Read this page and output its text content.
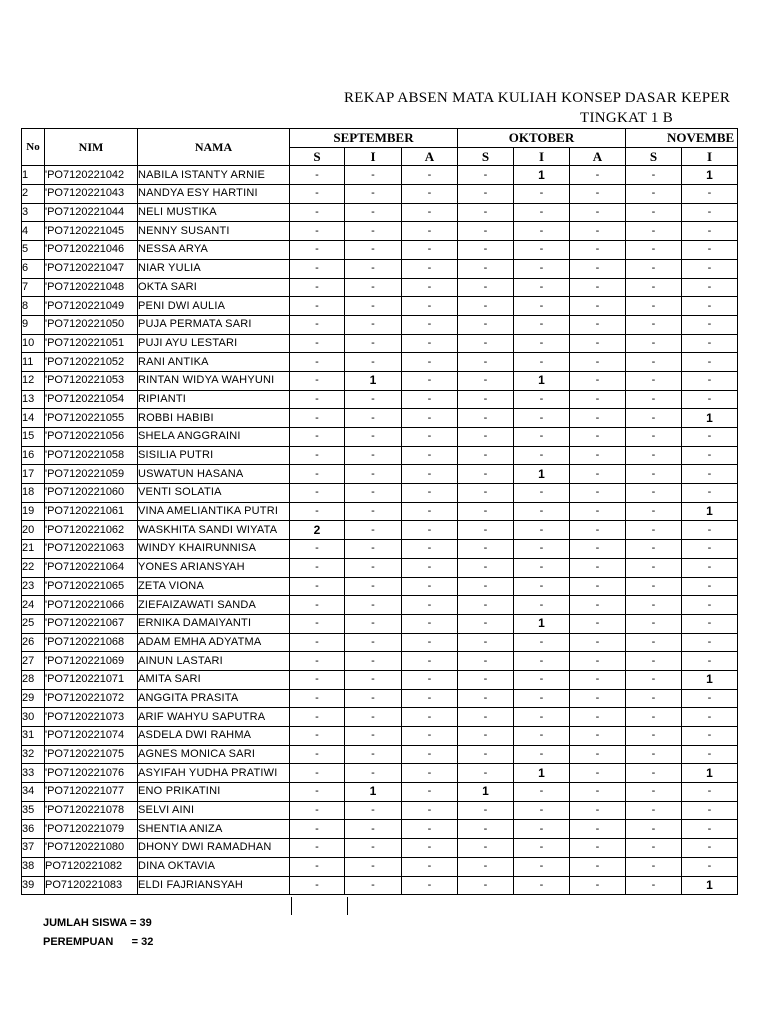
REKAP ABSEN MATA KULIAH KONSEP DASAR KEPER
TINGKAT 1 B
No	NIM	NAMA	SEPTEMBER			OKTOBER			NOVEMBE	
			S	I	A	S	I	A	S	I
1	'PO7120221042	NABILA ISTANTY ARNIE	-	-	-	-	1	-	-	1
2	'PO7120221043	NANDYA ESY HARTINI	-	-	-	-	-	-	-	-
3	'PO7120221044	NELI MUSTIKA	-	-	-	-	-	-	-	-
4	'PO7120221045	NENNY SUSANTI	-	-	-	-	-	-	-	-
5	'PO7120221046	NESSA ARYA	-	-	-	-	-	-	-	-
6	'PO7120221047	NIAR YULIA	-	-	-	-	-	-	-	-
7	'PO7120221048	OKTA SARI	-	-	-	-	-	-	-	-
8	'PO7120221049	PENI DWI AULIA	-	-	-	-	-	-	-	-
9	'PO7120221050	PUJA PERMATA SARI	-	-	-	-	-	-	-	-
10	'PO7120221051	PUJI AYU LESTARI	-	-	-	-	-	-	-	-
11	'PO7120221052	RANI ANTIKA	-	-	-	-	-	-	-	-
12	'PO7120221053	RINTAN WIDYA WAHYUNI	-	1	-	-	1	-	-	-
13	'PO7120221054	RIPIANTI	-	-	-	-	-	-	-	-
14	'PO7120221055	ROBBI HABIBI	-	-	-	-	-	-	-	1
15	'PO7120221056	SHELA ANGGRAINI	-	-	-	-	-	-	-	-
16	'PO7120221058	SISILIA PUTRI	-	-	-	-	-	-	-	-
17	'PO7120221059	USWATUN HASANA	-	-	-	-	1	-	-	-
18	'PO7120221060	VENTI SOLATIA	-	-	-	-	-	-	-	-
19	'PO7120221061	VINA AMELIANTIKA PUTRI	-	-	-	-	-	-	-	1
20	'PO7120221062	WASKHITA SANDI WIYATA	2	-	-	-	-	-	-	-
21	'PO7120221063	WINDY KHAIRUNNISA	-	-	-	-	-	-	-	-
22	'PO7120221064	YONES ARIANSYAH	-	-	-	-	-	-	-	-
23	'PO7120221065	ZETA VIONA	-	-	-	-	-	-	-	-
24	'PO7120221066	ZIEFAIZAWATI SANDA	-	-	-	-	-	-	-	-
25	'PO7120221067	ERNIKA DAMAIYANTI	-	-	-	-	1	-	-	-
26	'PO7120221068	ADAM EMHA ADYATMA	-	-	-	-	-	-	-	-
27	'PO7120221069	AINUN LASTARI	-	-	-	-	-	-	-	-
28	'PO7120221071	AMITA SARI	-	-	-	-	-	-	-	1
29	'PO7120221072	ANGGITA PRASITA	-	-	-	-	-	-	-	-
30	'PO7120221073	ARIF WAHYU SAPUTRA	-	-	-	-	-	-	-	-
31	'PO7120221074	ASDELA DWI RAHMA	-	-	-	-	-	-	-	-
32	'PO7120221075	AGNES MONICA SARI	-	-	-	-	-	-	-	-
33	'PO7120221076	ASYIFAH YUDHA PRATIWI	-	-	-	-	1	-	-	1
34	'PO7120221077	ENO PRIKATINI	-	1	-	1	-	-	-	-
35	'PO7120221078	SELVI AINI	-	-	-	-	-	-	-	-
36	'PO7120221079	SHENTIA ANIZA	-	-	-	-	-	-	-	-
37	'PO7120221080	DHONY DWI RAMADHAN	-	-	-	-	-	-	-	-
38	PO7120221082	DINA OKTAVIA	-	-	-	-	-	-	-	-
39	PO7120221083	ELDI FAJRIANSYAH	-	-	-	-	-	-	-	1
JUMLAH SISWA = 39
PEREMPUAN      = 32
